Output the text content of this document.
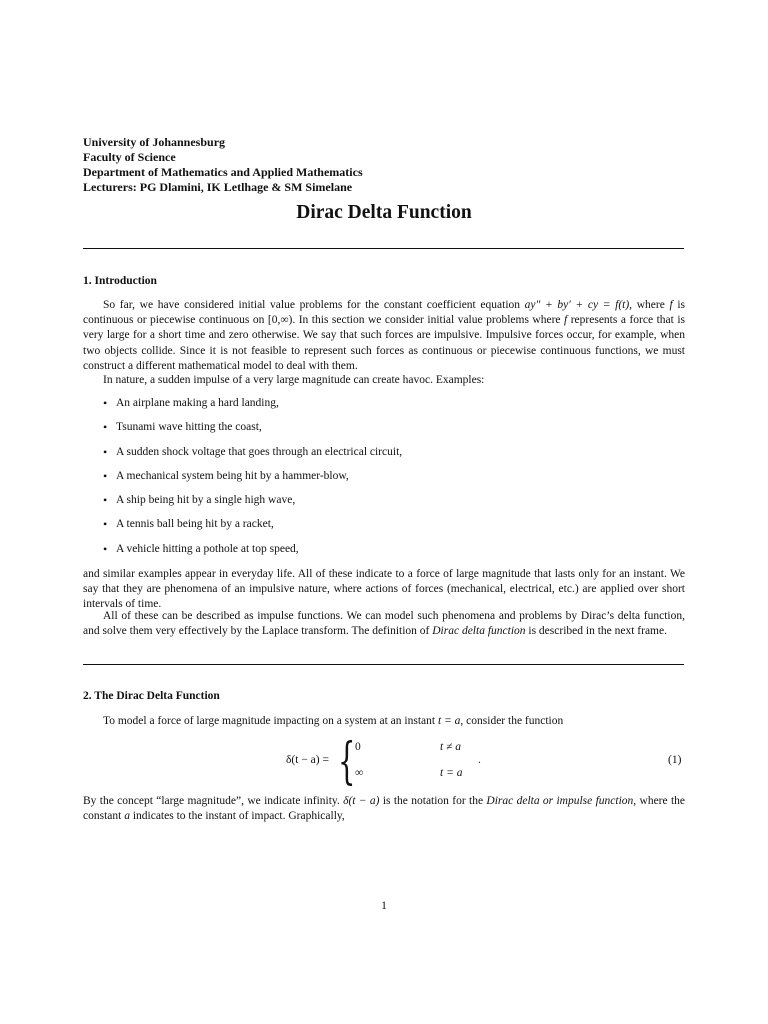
University of Johannesburg
Faculty of Science
Department of Mathematics and Applied Mathematics
Lecturers: PG Dlamini, IK Letlhage & SM Simelane
Dirac Delta Function
1. Introduction
So far, we have considered initial value problems for the constant coefficient equation ay″ + by′ + cy = f(t), where f is continuous or piecewise continuous on [0,∞). In this section we consider initial value problems where f represents a force that is very large for a short time and zero otherwise. We say that such forces are impulsive. Impulsive forces occur, for example, when two objects collide. Since it is not feasible to represent such forces as continuous or piecewise continuous functions, we must construct a different mathematical model to deal with them.
In nature, a sudden impulse of a very large magnitude can create havoc. Examples:
• An airplane making a hard landing,
• Tsunami wave hitting the coast,
• A sudden shock voltage that goes through an electrical circuit,
• A mechanical system being hit by a hammer-blow,
• A ship being hit by a single high wave,
• A tennis ball being hit by a racket,
• A vehicle hitting a pothole at top speed,
and similar examples appear in everyday life. All of these indicate to a force of large magnitude that lasts only for an instant. We say that they are phenomena of an impulsive nature, where actions of forces (mechanical, electrical, etc.) are applied over short intervals of time.
All of these can be described as impulse functions. We can model such phenomena and problems by Dirac’s delta function, and solve them very effectively by the Laplace transform. The definition of Dirac delta function is described in the next frame.
2. The Dirac Delta Function
To model a force of large magnitude impacting on a system at an instant t = a, consider the function
δ(t − a) = { 0	t ≠ a
∞	t = a
.	(1)
By the concept “large magnitude”, we indicate infinity. δ(t − a) is the notation for the Dirac delta or impulse function, where the constant a indicates to the instant of impact. Graphically,
1
